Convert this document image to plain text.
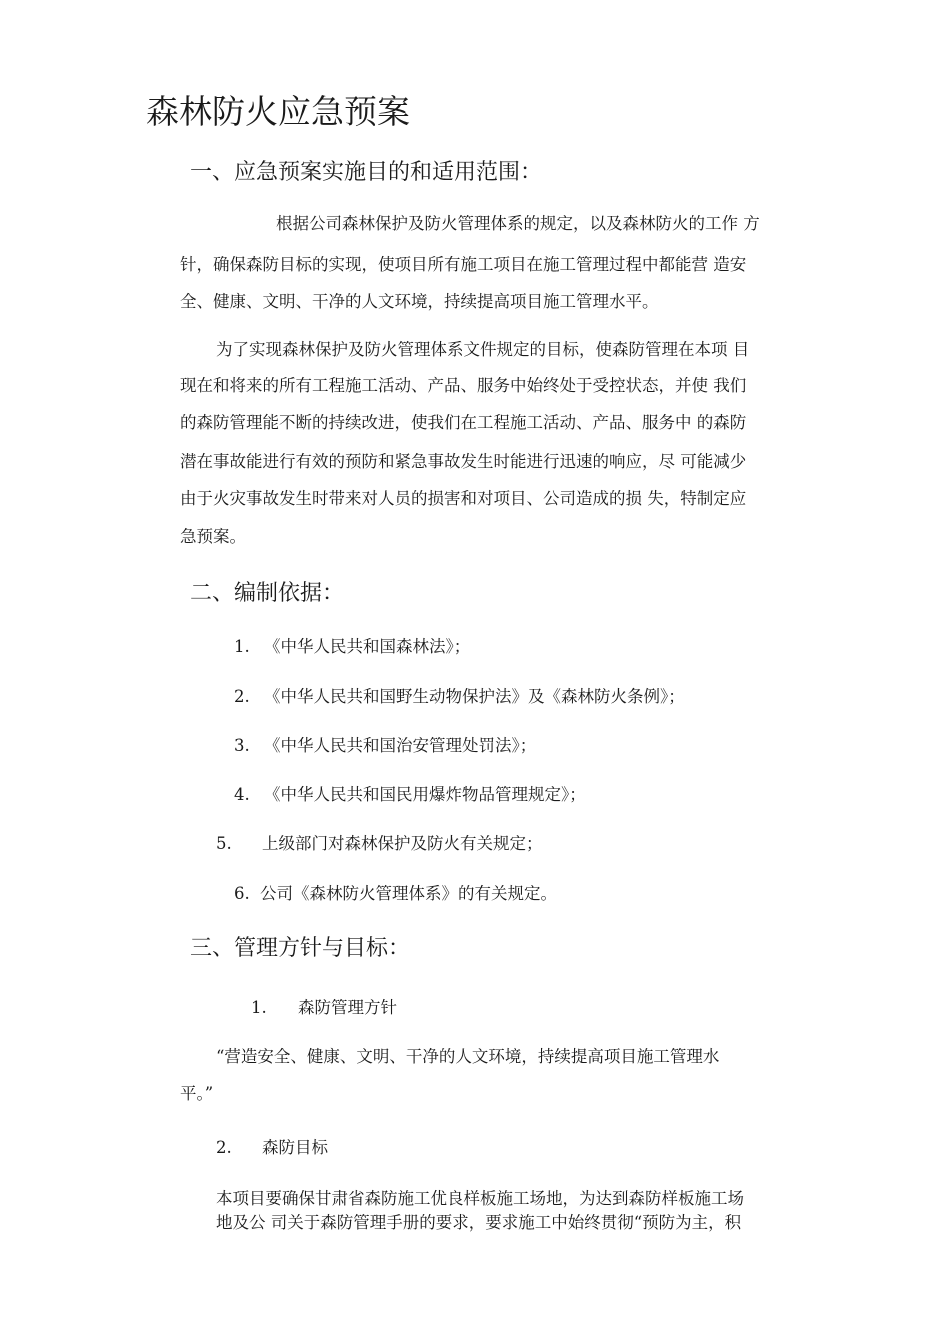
森林防火应急预案
一、应急预案实施目的和适用范围：
根据公司森林保护及防火管理体系的规定，以及森林防火的工作 方
针，确保森防目标的实现，使项目所有施工项目在施工管理过程中都能营 造安
全、健康、文明、干净的人文环境，持续提高项目施工管理水平。
为了实现森林保护及防火管理体系文件规定的目标，使森防管理在本项 目
现在和将来的所有工程施工活动、产品、服务中始终处于受控状态，并使 我们
的森防管理能不断的持续改进，使我们在工程施工活动、产品、服务中 的森防
潜在事故能进行有效的预防和紧急事故发生时能进行迅速的响应，尽 可能减少
由于火灾事故发生时带来对人员的损害和对项目、公司造成的损 失，特制定应
急预案。
二、编制依据：
1. 《中华人民共和国森林法》；
2. 《中华人民共和国野生动物保护法》及《森林防火条例》；
3. 《中华人民共和国治安管理处罚法》；
4. 《中华人民共和国民用爆炸物品管理规定》；
5. 上级部门对森林保护及防火有关规定；
6. 公司《森林防火管理体系》的有关规定。
三、管理方针与目标：
1. 森防管理方针
“营造安全、健康、文明、干净的人文环境，持续提高项目施工管理水
平。”
2. 森防目标
本项目要确保甘肃省森防施工优良样板施工场地，为达到森防样板施工场
地及公 司关于森防管理手册的要求，要求施工中始终贯彻“预防为主，积
